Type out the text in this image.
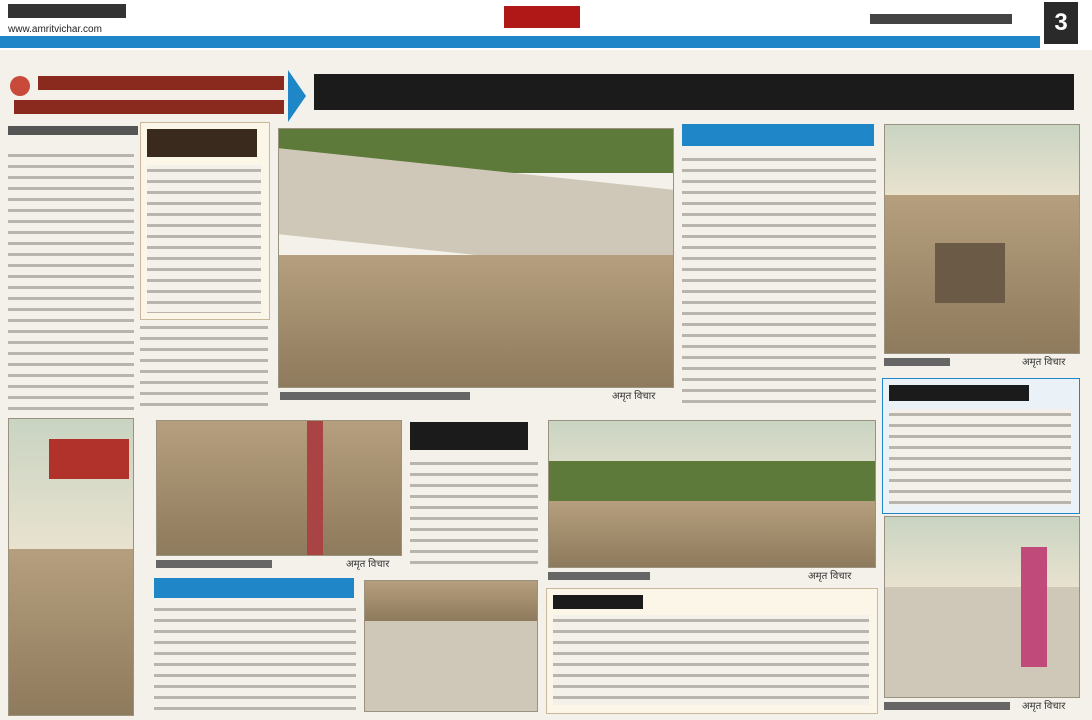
www.amritvichar.com	3
अमृत विचार
अमृत विचार
अमृत विचार
अमृत विचार
अमृत विचार
